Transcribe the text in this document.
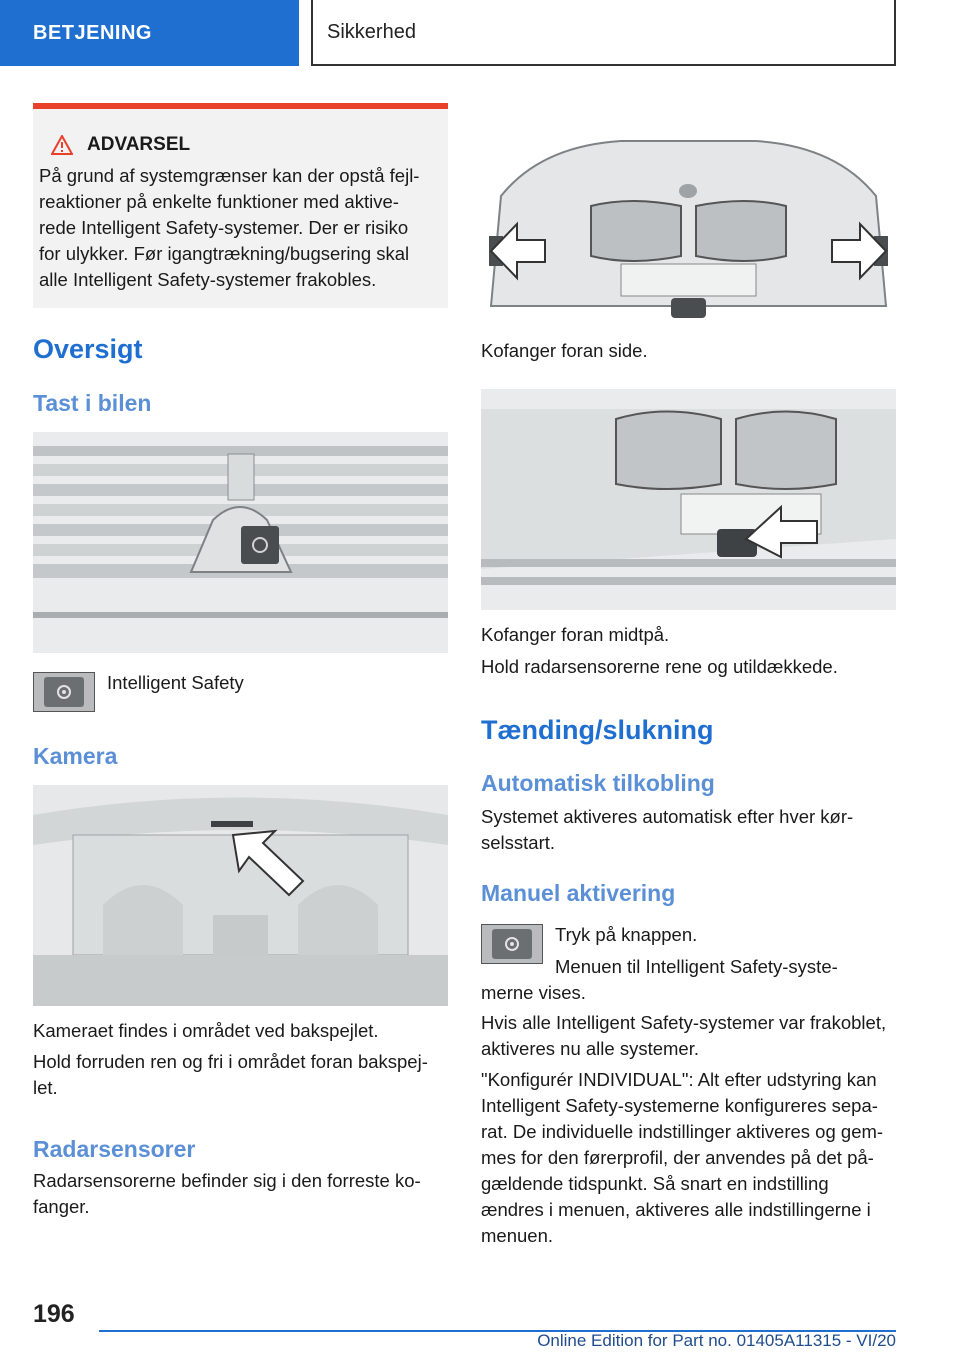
BETJENING	Sikkerhed
ADVARSEL
På grund af systemgrænser kan der opstå fejl-
reaktioner på enkelte funktioner med aktive-
rede Intelligent Safety-systemer. Der er risiko
for ulykker. Før igangtrækning/bugsering skal
alle Intelligent Safety-systemer frakobles.
Oversigt
Tast i bilen
Intelligent Safety
Kamera
Kameraet findes i området ved bakspejlet.
Hold forruden ren og fri i området foran bakspej-
let.
Radarsensorer
Radarsensorerne befinder sig i den forreste ko-
fanger.
Kofanger foran side.
Kofanger foran midtpå.
Hold radarsensorerne rene og utildækkede.
Tænding/slukning
Automatisk tilkobling
Systemet aktiveres automatisk efter hver kør-
selsstart.
Manuel aktivering
Tryk på knappen.
Menuen til Intelligent Safety-syste-
merne vises.
Hvis alle Intelligent Safety-systemer var frakoblet,
aktiveres nu alle systemer.
"Konfigurér INDIVIDUAL": Alt efter udstyring kan
Intelligent Safety-systemerne konfigureres sepa-
rat. De individuelle indstillinger aktiveres og gem-
mes for den førerprofil, der anvendes på det på-
gældende tidspunkt. Så snart en indstilling
ændres i menuen, aktiveres alle indstillingerne i
menuen.
196
Online Edition for Part no. 01405A11315 - VI/20
